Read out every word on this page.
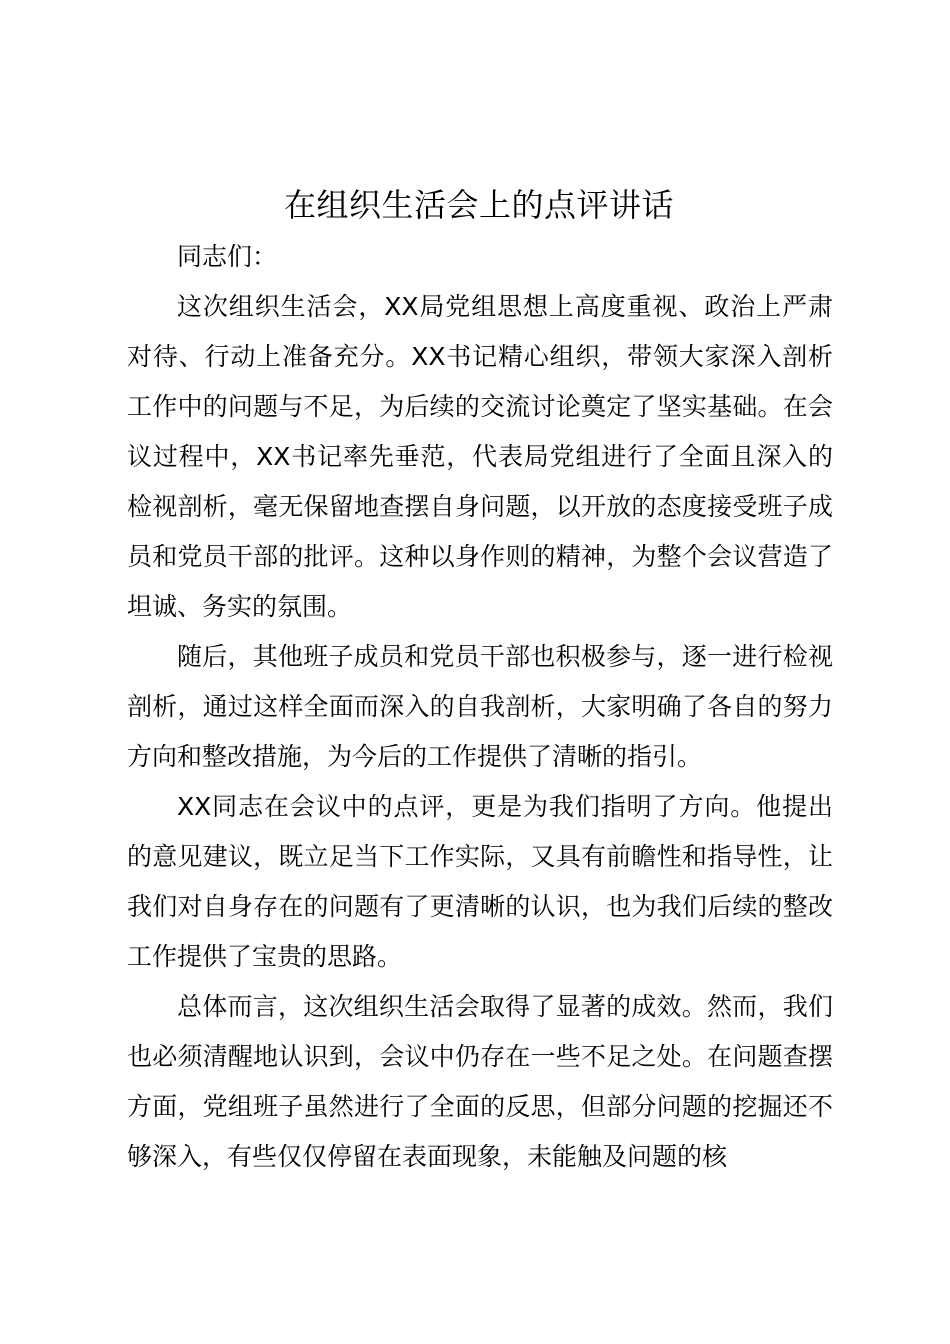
在组织生活会上的点评讲话

同志们：

这次组织生活会，XX局党组思想上高度重视、政治上严肃对待、行动上准备充分。XX书记精心组织，带领大家深入剖析工作中的问题与不足，为后续的交流讨论奠定了坚实基础。在会议过程中，XX书记率先垂范，代表局党组进行了全面且深入的检视剖析，毫无保留地查摆自身问题，以开放的态度接受班子成员和党员干部的批评。这种以身作则的精神，为整个会议营造了坦诚、务实的氛围。

随后，其他班子成员和党员干部也积极参与，逐一进行检视剖析，通过这样全面而深入的自我剖析，大家明确了各自的努力方向和整改措施，为今后的工作提供了清晰的指引。

XX同志在会议中的点评，更是为我们指明了方向。他提出的意见建议，既立足当下工作实际，又具有前瞻性和指导性，让我们对自身存在的问题有了更清晰的认识，也为我们后续的整改工作提供了宝贵的思路。

总体而言，这次组织生活会取得了显著的成效。然而，我们也必须清醒地认识到，会议中仍存在一些不足之处。在问题查摆方面，党组班子虽然进行了全面的反思，但部分问题的挖掘还不够深入，有些仅仅停留在表面现象，未能触及问题的核
